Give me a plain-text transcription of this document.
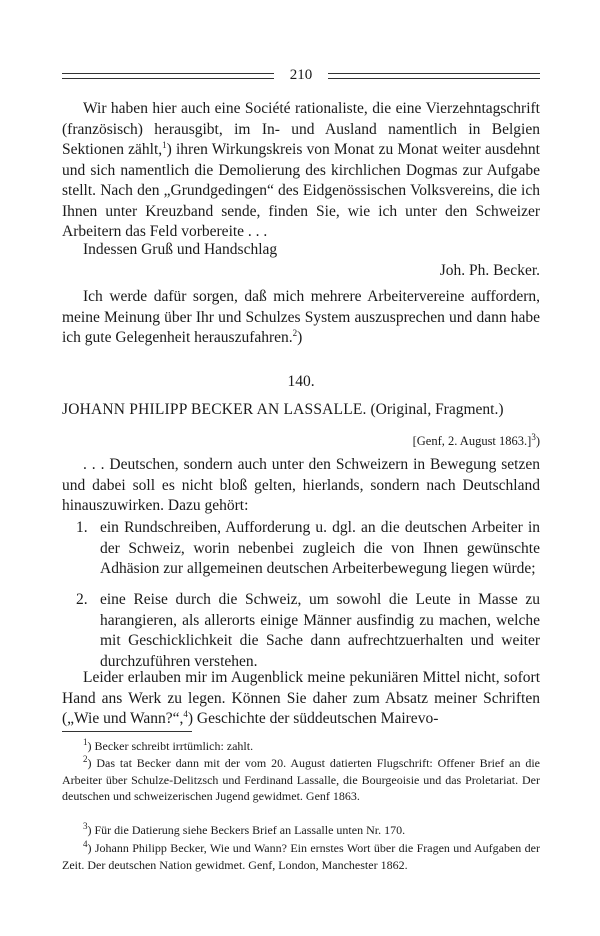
210

Wir haben hier auch eine Société rationaliste, die eine Vierzehntagschrift (französisch) herausgibt, im In- und Ausland namentlich in Belgien Sektionen zählt,$^1$) ihren Wirkungskreis von Monat zu Monat weiter ausdehnt und sich namentlich die Demolierung des kirchlichen Dogmas zur Aufgabe stellt. Nach den „Grundgedingen“ des Eidgenössischen Volksvereins, die ich Ihnen unter Kreuzband sende, finden Sie, wie ich unter den Schweizer Arbeitern das Feld vorbereite . . .

Indessen Gruß und Handschlag

Joh. Ph. Becker.

Ich werde dafür sorgen, daß mich mehrere Arbeitervereine auffordern, meine Meinung über Ihr und Schulzes System auszusprechen und dann habe ich gute Gelegenheit herauszufahren.$^2$)

140.

JOHANN PHILIPP BECKER AN LASSALLE. (Original, Fragment.)

[Genf, 2. August 1863.]$^3$)

. . . Deutschen, sondern auch unter den Schweizern in Bewegung setzen und dabei soll es nicht bloß gelten, hierlands, sondern nach Deutschland hinauszuwirken. Dazu gehört:

1. ein Rundschreiben, Aufforderung u. dgl. an die deutschen Arbeiter in der Schweiz, worin nebenbei zugleich die von Ihnen gewünschte Adhäsion zur allgemeinen deutschen Arbeiterbewegung liegen würde;
2. eine Reise durch die Schweiz, um sowohl die Leute in Masse zu harangieren, als allerorts einige Männer ausfindig zu machen, welche mit Geschicklichkeit die Sache dann aufrechtzuerhalten und weiter durchzuführen verstehen.

Leider erlauben mir im Augenblick meine pekuniären Mittel nicht, sofort Hand ans Werk zu legen. Können Sie daher zum Absatz meiner Schriften („Wie und Wann?“,$^4$) Geschichte der süddeutschen Mairevo-

$^1$) Becker schreibt irrtümlich: zahlt.

$^2$) Das tat Becker dann mit der vom 20. August datierten Flugschrift: Offener Brief an die Arbeiter über Schulze-Delitzsch und Ferdinand Lassalle, die Bourgeoisie und das Proletariat. Der deutschen und schweizerischen Jugend gewidmet. Genf 1863.

$^3$) Für die Datierung siehe Beckers Brief an Lassalle unten Nr. 170.

$^4$) Johann Philipp Becker, Wie und Wann? Ein ernstes Wort über die Fragen und Aufgaben der Zeit. Der deutschen Nation gewidmet. Genf, London, Manchester 1862.
